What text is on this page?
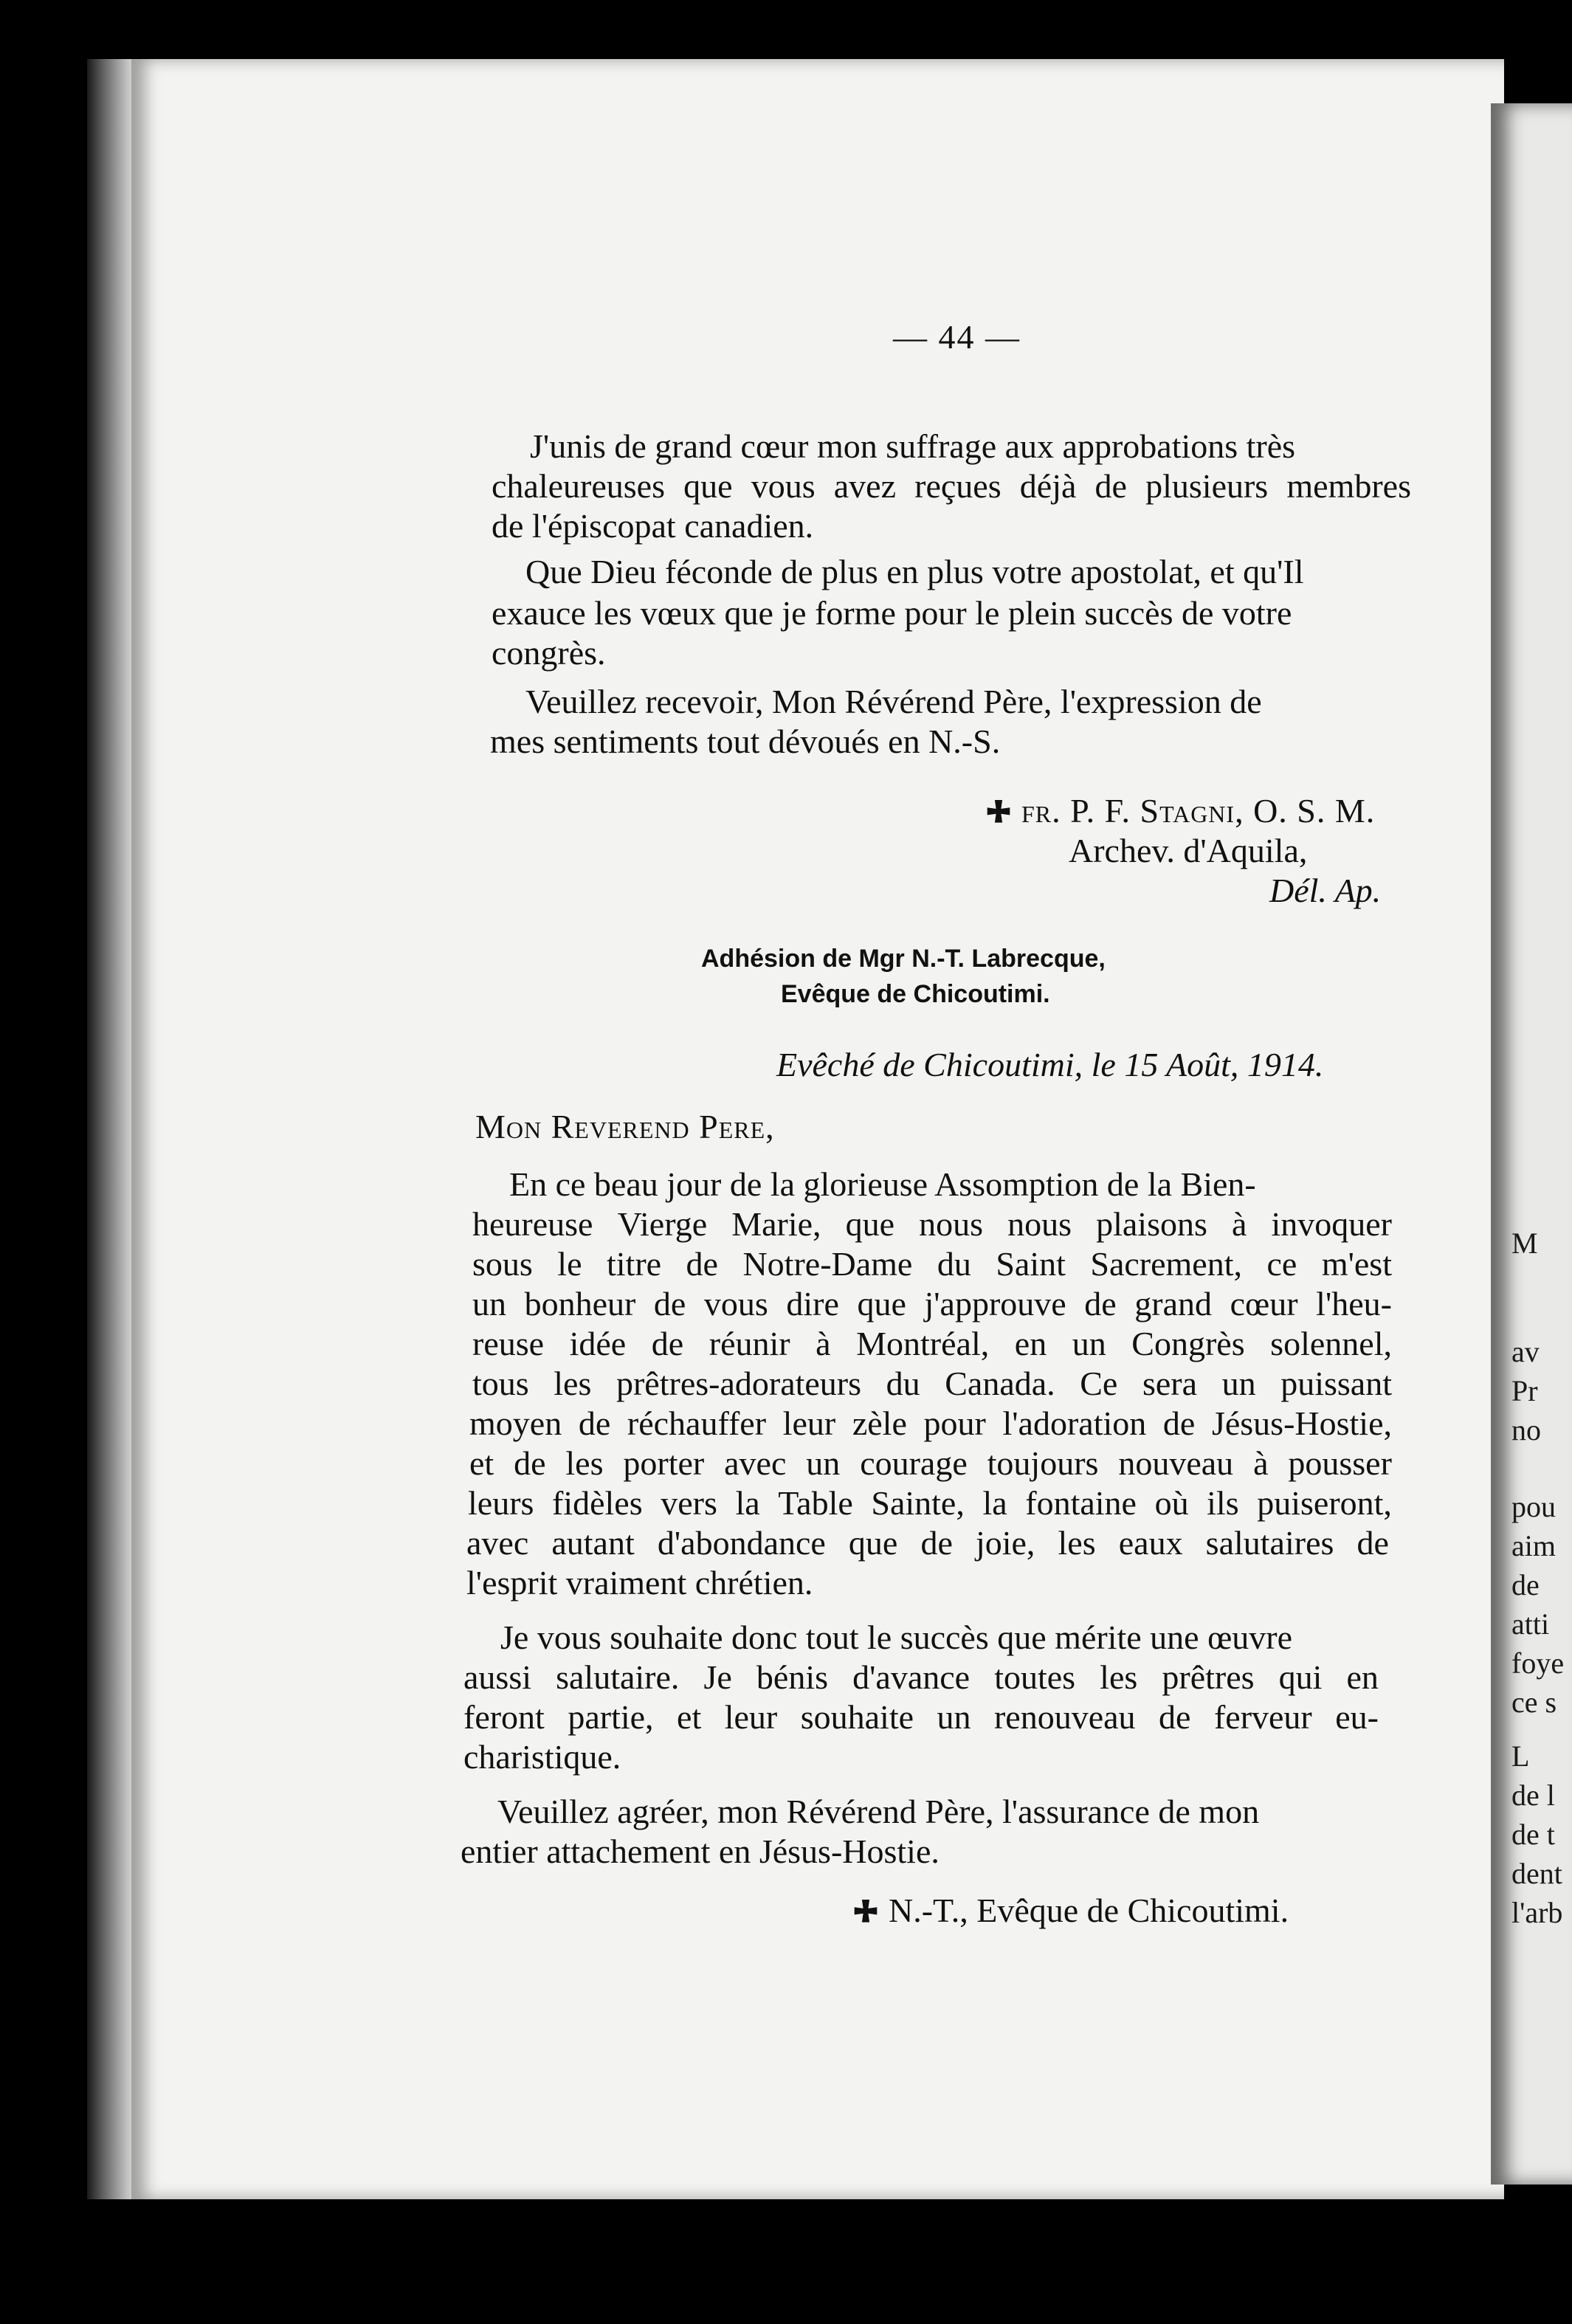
M
av
Pr
no
pou
aim
de
atti
foye
ce s
L
de l
de t
dent
l'arb
— 44 —
J'unis de grand cœur mon suffrage aux approbations très
chaleureuses que vous avez reçues déjà de plusieurs membres
de l'épiscopat canadien.
Que Dieu féconde de plus en plus votre apostolat, et qu'Il
exauce les vœux que je forme pour le plein succès de votre
congrès.
Veuillez recevoir, Mon Révérend Père, l'expression de
mes sentiments tout dévoués en N.-S.
fr. P. F. Stagni, O. S. M.
Archev. d'Aquila,
Dél. Ap.
Adhésion de Mgr N.-T. Labrecque,
Evêque de Chicoutimi.
Evêché de Chicoutimi, le 15 Août, 1914.
Mon Reverend Pere,
En ce beau jour de la glorieuse Assomption de la Bien-
heureuse Vierge Marie, que nous nous plaisons à invoquer
sous le titre de Notre-Dame du Saint Sacrement, ce m'est
un bonheur de vous dire que j'approuve de grand cœur l'heu-
reuse idée de réunir à Montréal, en un Congrès solennel,
tous les prêtres-adorateurs du Canada. Ce sera un puissant
moyen de réchauffer leur zèle pour l'adoration de Jésus-Hostie,
et de les porter avec un courage toujours nouveau à pousser
leurs fidèles vers la Table Sainte, la fontaine où ils puiseront,
avec autant d'abondance que de joie, les eaux salutaires de
l'esprit vraiment chrétien.
Je vous souhaite donc tout le succès que mérite une œuvre
aussi salutaire. Je bénis d'avance toutes les prêtres qui en
feront partie, et leur souhaite un renouveau de ferveur eu-
charistique.
Veuillez agréer, mon Révérend Père, l'assurance de mon
entier attachement en Jésus-Hostie.
N.-T., Evêque de Chicoutimi.
